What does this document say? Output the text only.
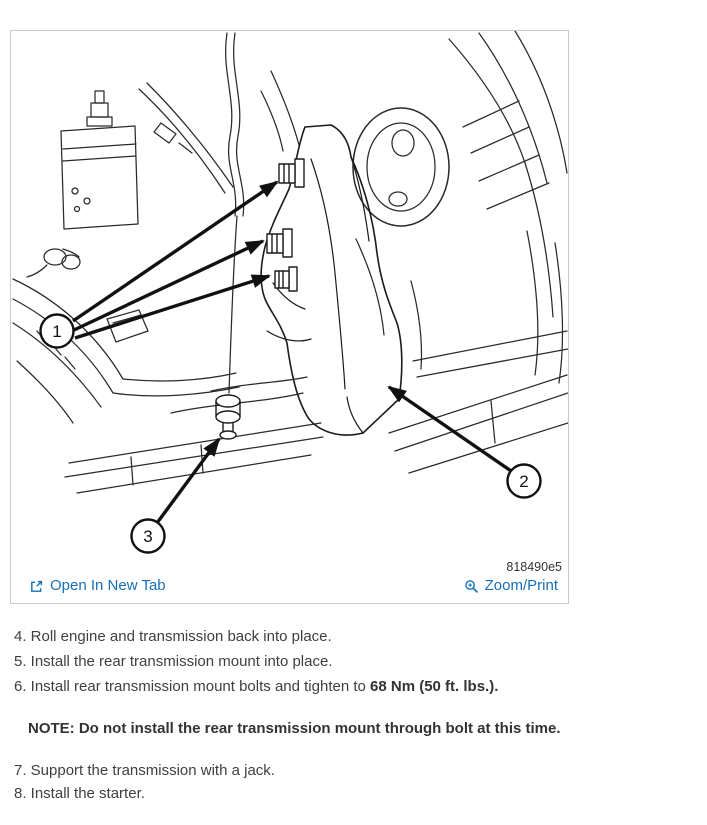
1
2
3
818490e5
Open In New Tab	Zoom/Print
4. Roll engine and transmission back into place.
5. Install the rear transmission mount into place.
6. Install rear transmission mount bolts and tighten to 68 Nm (50 ft. lbs.).
NOTE: Do not install the rear transmission mount through bolt at this time.
7. Support the transmission with a jack.
8. Install the starter.
